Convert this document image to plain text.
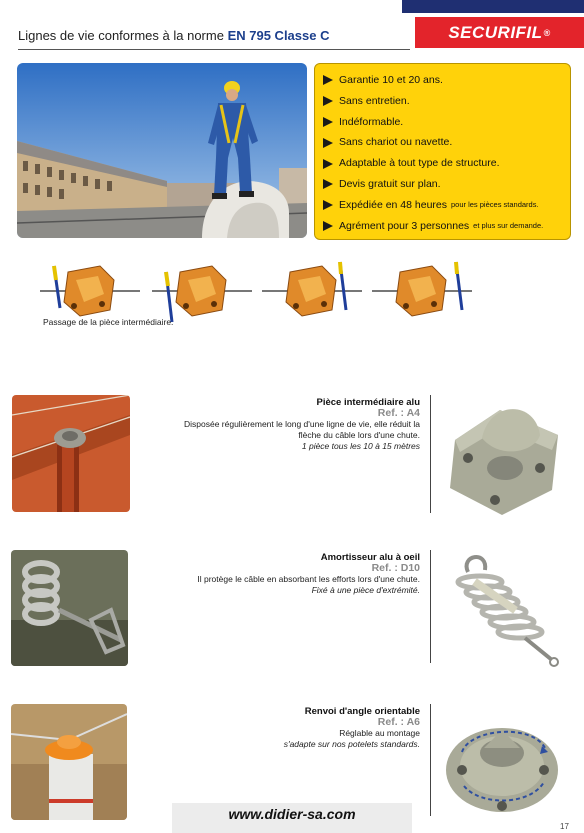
Lignes de vie conformes à la norme EN 795 Classe C	SECURIFIL ®
Garantie 10 et 20 ans.
Sans entretien.
Indéformable.
Sans chariot ou navette.
Adaptable à tout type de structure.
Devis gratuit sur plan.
Expédiée en 48 heures pour les pièces standards.
Agrément pour 3 personnes et plus sur demande.
Passage de la pièce intermédiaire.
Pièce intermédiaire alu
Ref. : A4
Disposée régulièrement le long d'une ligne de vie, elle réduit la
flèche du câble lors d'une chute.
1 pièce tous les 10 à 15 mètres
Amortisseur alu à oeil
Ref. : D10
Il protège le câble en absorbant les efforts lors d'une chute.
Fixé à une pièce d'extrémité.
Renvoi d'angle orientable
Ref. : A6
Réglable au montage
s'adapte sur nos potelets standards.
www.didier-sa.com
17
